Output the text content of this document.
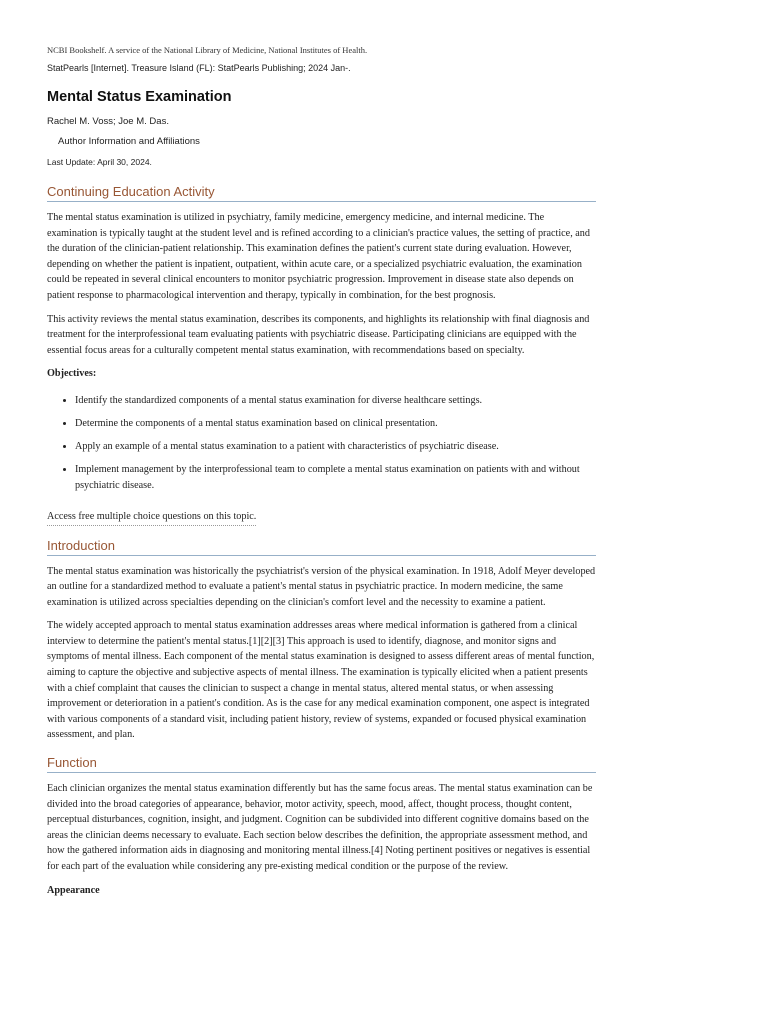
NCBI Bookshelf. A service of the National Library of Medicine, National Institutes of Health.
StatPearls [Internet]. Treasure Island (FL): StatPearls Publishing; 2024 Jan-.
Mental Status Examination
Rachel M. Voss; Joe M. Das.
Author Information and Affiliations
Last Update: April 30, 2024.
Continuing Education Activity

The mental status examination is utilized in psychiatry, family medicine, emergency medicine, and internal medicine. The examination is typically taught at the student level and is refined according to a clinician's practice values, the setting of practice, and the duration of the clinician-patient relationship. This examination defines the patient's current state during evaluation. However, depending on whether the patient is inpatient, outpatient, within acute care, or a specialized psychiatric evaluation, the examination could be repeated in several clinical encounters to monitor psychiatric progression. Improvement in disease state also depends on patient response to pharmacological intervention and therapy, typically in combination, for the best prognosis.

This activity reviews the mental status examination, describes its components, and highlights its relationship with final diagnosis and treatment for the interprofessional team evaluating patients with psychiatric disease. Participating clinicians are equipped with the essential focus areas for a culturally competent mental status examination, with recommendations based on specialty.

Objectives:

• Identify the standardized components of a mental status examination for diverse healthcare settings.
• Determine the components of a mental status examination based on clinical presentation.
• Apply an example of a mental status examination to a patient with characteristics of psychiatric disease.
• Implement management by the interprofessional team to complete a mental status examination on patients with and without psychiatric disease.

Access free multiple choice questions on this topic.

Introduction

The mental status examination was historically the psychiatrist's version of the physical examination. In 1918, Adolf Meyer developed an outline for a standardized method to evaluate a patient's mental status in psychiatric practice. In modern medicine, the same examination is utilized across specialties depending on the clinician's comfort level and the necessity to examine a patient.

The widely accepted approach to mental status examination addresses areas where medical information is gathered from a clinical interview to determine the patient's mental status.[1][2][3] This approach is used to identify, diagnose, and monitor signs and symptoms of mental illness. Each component of the mental status examination is designed to assess different areas of mental function, aiming to capture the objective and subjective aspects of mental illness. The examination is typically elicited when a patient presents with a chief complaint that causes the clinician to suspect a change in mental status, altered mental status, or when assessing improvement or deterioration in a patient's condition. As is the case for any medical examination component, one aspect is integrated with various components of a standard visit, including patient history, review of systems, expanded or focused physical examination assessment, and plan.

Function

Each clinician organizes the mental status examination differently but has the same focus areas. The mental status examination can be divided into the broad categories of appearance, behavior, motor activity, speech, mood, affect, thought process, thought content, perceptual disturbances, cognition, insight, and judgment. Cognition can be subdivided into different cognitive domains based on the areas the clinician deems necessary to evaluate. Each section below describes the definition, the appropriate assessment method, and how the gathered information aids in diagnosing and monitoring mental illness.[4] Noting pertinent positives or negatives is essential for each part of the evaluation while considering any pre-existing medical condition or the purpose of the review.

Appearance
